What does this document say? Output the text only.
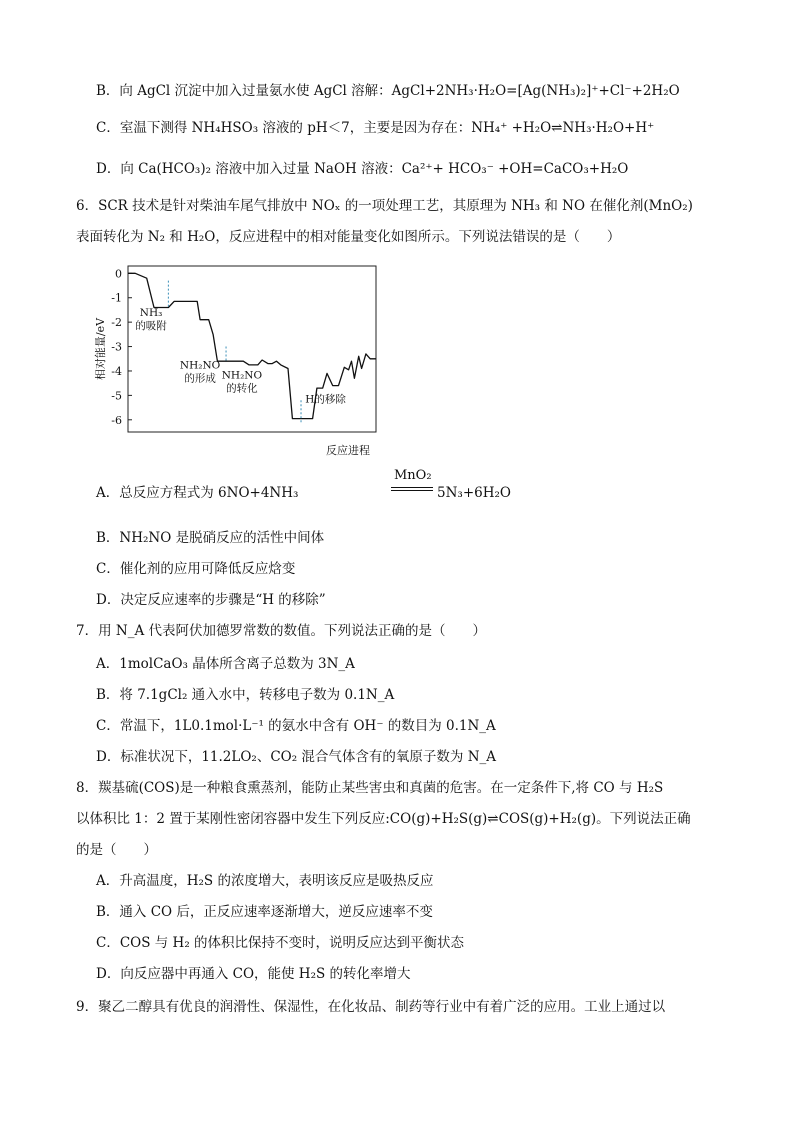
B．向 AgCl 沉淀中加入过量氨水使 AgCl 溶解：AgCl+2NH₃·H₂O=[Ag(NH₃)₂]⁺+Cl⁻+2H₂O
C．室温下测得 NH₄HSO₃ 溶液的 pH＜7，主要是因为存在：NH₄⁺ +H₂O⇌NH₃·H₂O+H⁺
D．向 Ca(HCO₃)₂ 溶液中加入过量 NaOH 溶液：Ca²⁺+ HCO₃⁻ +OH=CaCO₃+H₂O
6．SCR 技术是针对柴油车尾气排放中 NOₓ 的一项处理工艺，其原理为 NH₃ 和 NO 在催化剂(MnO₂)
表面转化为 N₂ 和 H₂O，反应进程中的相对能量变化如图所示。下列说法错误的是（　　）
0
-1
-2
-3
-4
-5
-6
相对能量/eV
反应进程
NH₃
的吸附
NH₂NO
的形成 NH₂NO
的转化
H的移除
A．总反应方程式为 6NO+4NH₃
MnO₂
5N₃+6H₂O
B．NH₂NO 是脱硝反应的活性中间体
C．催化剂的应用可降低反应焓变
D．决定反应速率的步骤是“H 的移除”
7．用 N_A 代表阿伏加德罗常数的数值。下列说法正确的是（　　）
A．1molCaO₃ 晶体所含离子总数为 3N_A
B．将 7.1gCl₂ 通入水中，转移电子数为 0.1N_A
C．常温下，1L0.1mol·L⁻¹ 的氨水中含有 OH⁻ 的数目为 0.1N_A
D．标准状况下，11.2LO₂、CO₂ 混合气体含有的氧原子数为 N_A
8．羰基硫(COS)是一种粮食熏蒸剂，能防止某些害虫和真菌的危害。在一定条件下,将 CO 与 H₂S
以体积比 1：2 置于某刚性密闭容器中发生下列反应:CO(g)+H₂S(g)⇌COS(g)+H₂(g)。下列说法正确
的是（　　）
A．升高温度，H₂S 的浓度增大，表明该反应是吸热反应
B．通入 CO 后，正反应速率逐渐增大，逆反应速率不变
C．COS 与 H₂ 的体积比保持不变时，说明反应达到平衡状态
D．向反应器中再通入 CO，能使 H₂S 的转化率增大
9．聚乙二醇具有优良的润滑性、保湿性，在化妆品、制药等行业中有着广泛的应用。工业上通过以
